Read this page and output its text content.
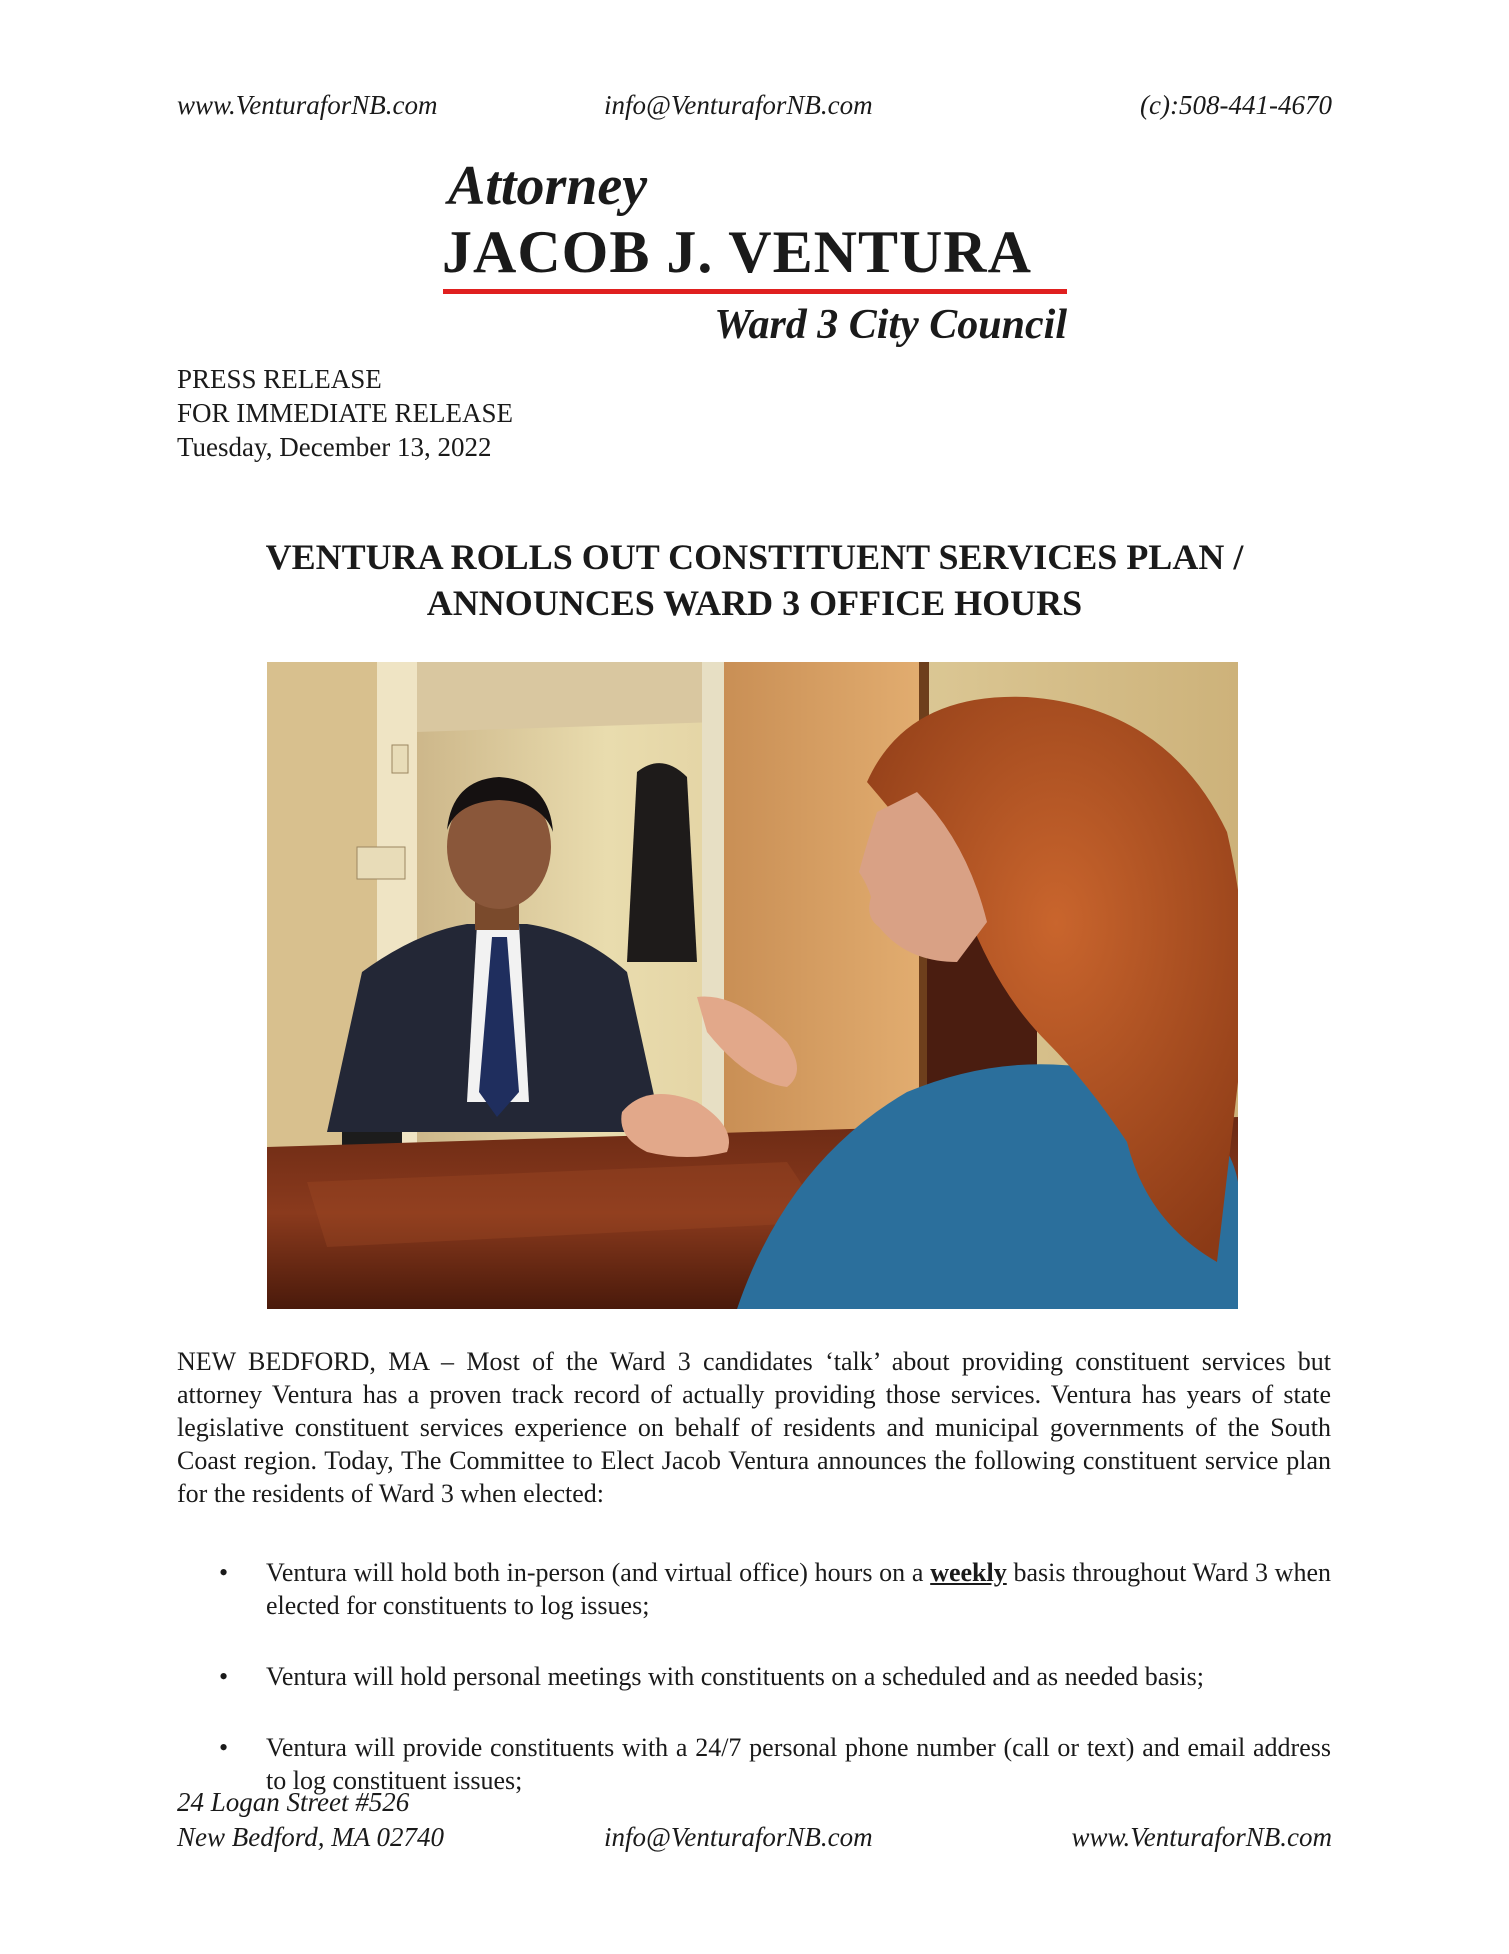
www.VenturaforNB.com	info@VenturaforNB.com	(c):508-441-4670
Attorney
JACOB J. VENTURA
Ward 3 City Council
PRESS RELEASE
FOR IMMEDIATE RELEASE
Tuesday, December 13, 2022
VENTURA ROLLS OUT CONSTITUENT SERVICES PLAN /
ANNOUNCES WARD 3 OFFICE HOURS
NEW BEDFORD, MA – Most of the Ward 3 candidates ‘talk’ about providing constituent services but attorney Ventura has a proven track record of actually providing those services. Ventura has years of state legislative constituent services experience on behalf of residents and municipal governments of the South Coast region. Today, The Committee to Elect Jacob Ventura announces the following constituent service plan for the residents of Ward 3 when elected:
• Ventura will hold both in-person (and virtual office) hours on a weekly basis throughout Ward 3 when elected for constituents to log issues;
• Ventura will hold personal meetings with constituents on a scheduled and as needed basis;
• Ventura will provide constituents with a 24/7 personal phone number (call or text) and email address to log constituent issues;
24 Logan Street #526
New Bedford, MA 02740	info@VenturaforNB.com	www.VenturaforNB.com
